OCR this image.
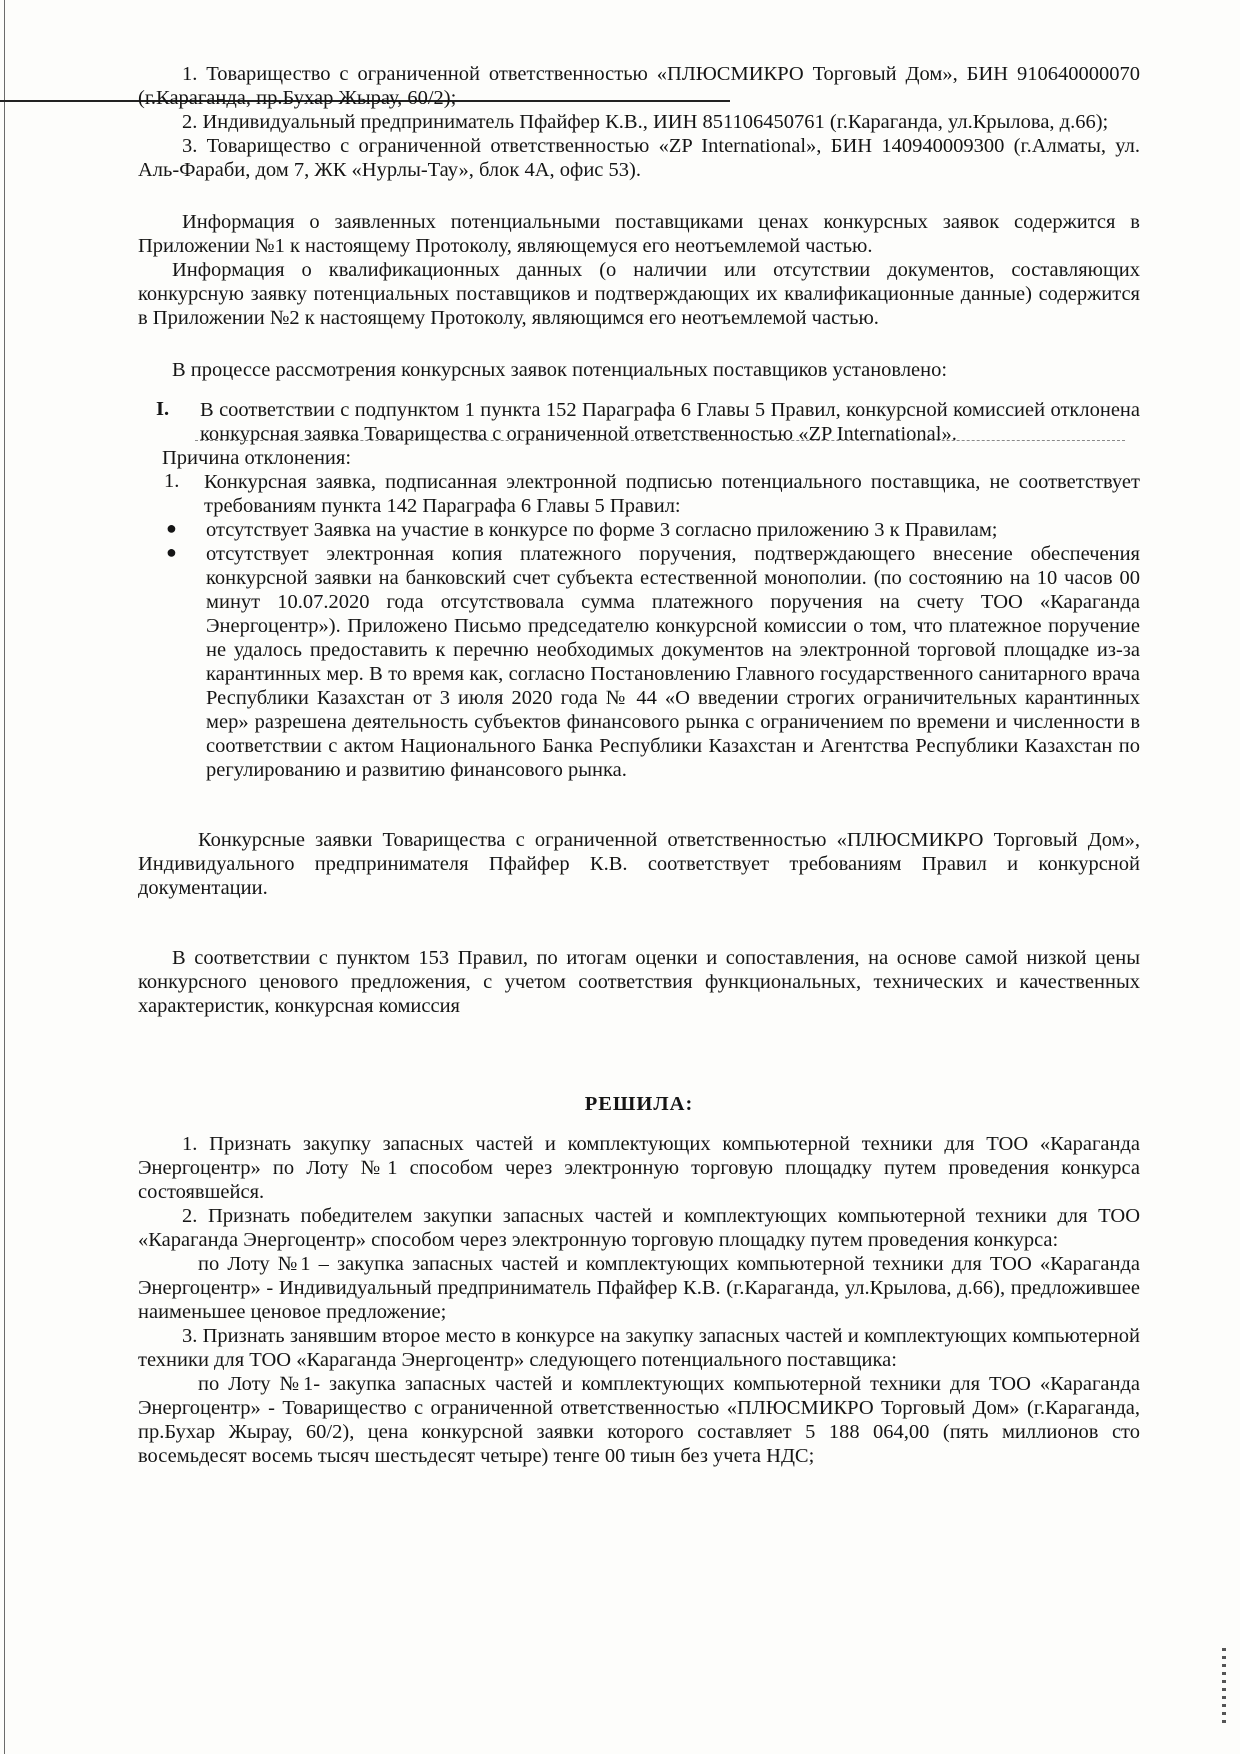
1. Товарищество с ограниченной ответственностью «ПЛЮСМИКРО Торговый Дом», БИН 910640000070 (г.Караганда, пр.Бухар Жырау, 60/2);

2. Индивидуальный предприниматель Пфайфер К.В., ИИН 851106450761 (г.Караганда, ул.Крылова, д.66);

3. Товарищество с ограниченной ответственностью «ZP International», БИН 140940009300 (г.Алматы, ул. Аль-Фараби, дом 7, ЖК «Нурлы-Тау», блок 4А, офис 53).

Информация о заявленных потенциальными поставщиками ценах конкурсных заявок содержится в Приложении №1 к настоящему Протоколу, являющемуся его неотъемлемой частью.

Информация о квалификационных данных (о наличии или отсутствии документов, составляющих конкурсную заявку потенциальных поставщиков и подтверждающих их квалификационные данные) содержится в Приложении №2 к настоящему Протоколу, являющимся его неотъемлемой частью.

В процессе рассмотрения конкурсных заявок потенциальных поставщиков установлено:

I.	В соответствии с подпунктом 1 пункта 152 Параграфа 6 Главы 5 Правил, конкурсной комиссией отклонена конкурсная заявка Товарищества с ограниченной ответственностью «ZP International».

Причина отклонения:

1.	Конкурсная заявка, подписанная электронной подписью потенциального поставщика, не соответствует требованиям пункта 142 Параграфа 6 Главы 5 Правил:

●	отсутствует Заявка на участие в конкурсе по форме 3 согласно приложению 3 к Правилам;

●	отсутствует электронная копия платежного поручения, подтверждающего внесение обеспечения конкурсной заявки на банковский счет субъекта естественной монополии. (по состоянию на 10 часов 00 минут 10.07.2020 года отсутствовала сумма платежного поручения на счету ТОО «Караганда Энергоцентр»). Приложено Письмо председателю конкурсной комиссии о том, что платежное поручение не удалось предоставить к перечню необходимых документов на электронной торговой площадке из-за карантинных мер. В то время как, согласно Постановлению Главного государственного санитарного врача Республики Казахстан от 3 июля 2020 года № 44 «О введении строгих ограничительных карантинных мер» разрешена деятельность субъектов финансового рынка с ограничением по времени и численности в соответствии с актом Национального Банка Республики Казахстан и Агентства Республики Казахстан по регулированию и развитию финансового рынка.

Конкурсные заявки Товарищества с ограниченной ответственностью «ПЛЮСМИКРО Торговый Дом», Индивидуального предпринимателя Пфайфер К.В. соответствует требованиям Правил и конкурсной документации.

В соответствии с пунктом 153 Правил, по итогам оценки и сопоставления, на основе самой низкой цены конкурсного ценового предложения, с учетом соответствия функциональных, технических и качественных характеристик, конкурсная комиссия

РЕШИЛА:

1. Признать закупку запасных частей и комплектующих компьютерной техники для ТОО «Караганда Энергоцентр» по Лоту №1 способом через электронную торговую площадку путем проведения конкурса состоявшейся.

2. Признать победителем закупки запасных частей и комплектующих компьютерной техники для ТОО «Караганда Энергоцентр» способом через электронную торговую площадку путем проведения конкурса:

по Лоту №1 – закупка запасных частей и комплектующих компьютерной техники для ТОО «Караганда Энергоцентр» - Индивидуальный предприниматель Пфайфер К.В. (г.Караганда, ул.Крылова, д.66), предложившее наименьшее ценовое предложение;

3. Признать занявшим второе место в конкурсе на закупку запасных частей и комплектующих компьютерной техники для ТОО «Караганда Энергоцентр» следующего потенциального поставщика:

по Лоту №1- закупка запасных частей и комплектующих компьютерной техники для ТОО «Караганда Энергоцентр» - Товарищество с ограниченной ответственностью «ПЛЮСМИКРО Торговый Дом» (г.Караганда, пр.Бухар Жырау, 60/2), цена конкурсной заявки которого составляет 5 188 064,00 (пять миллионов сто восемьдесят восемь тысяч шестьдесят четыре) тенге 00 тиын без учета НДС;
